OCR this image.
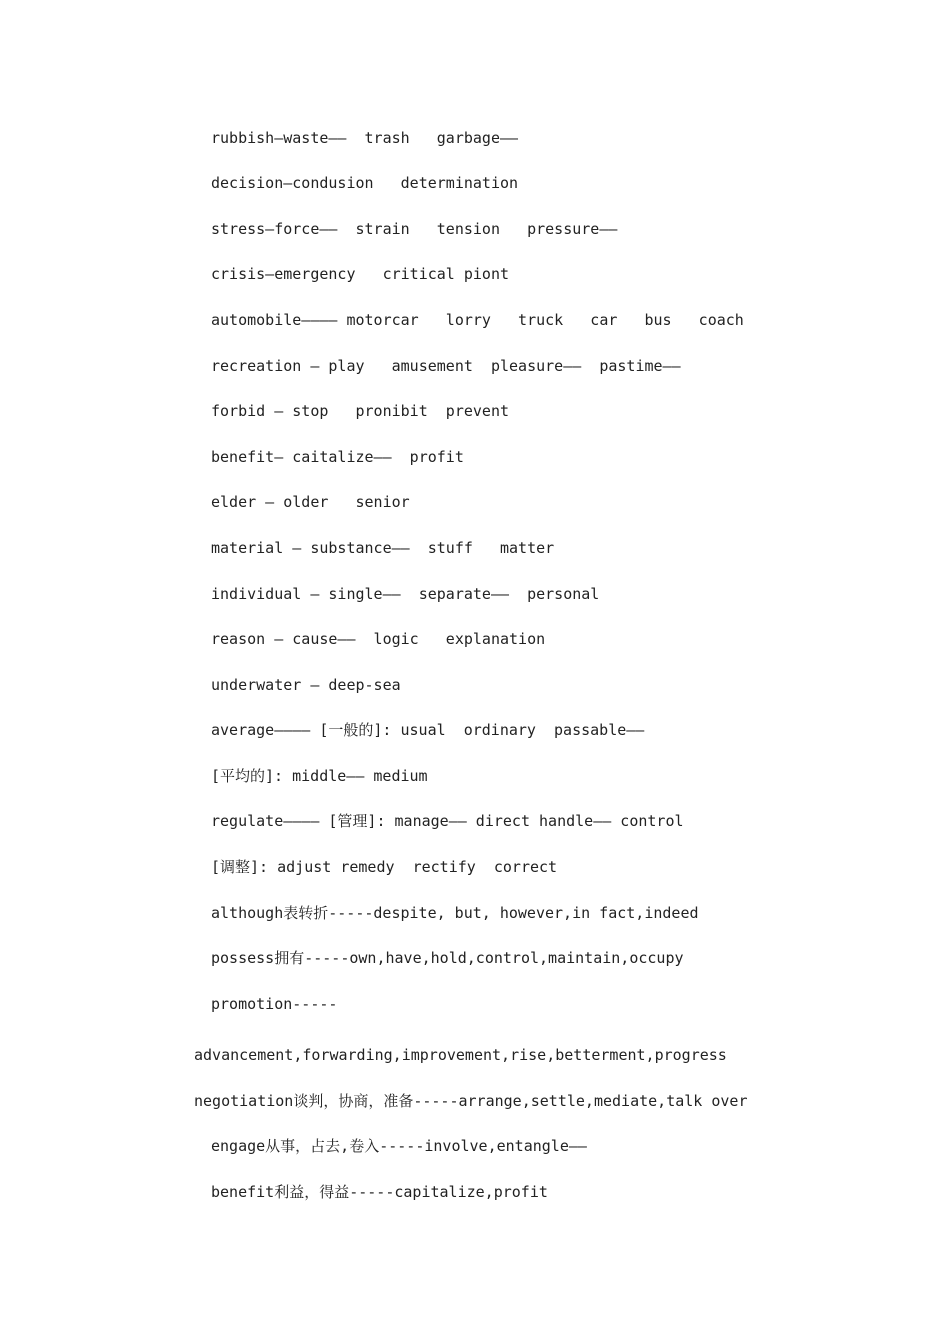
rubbish—waste——  trash   garbage——
decision—condusion   determination
stress—force——  strain   tension   pressure——
crisis—emergency   critical piont
automobile———— motorcar   lorry   truck   car   bus   coach
recreation — play   amusement  pleasure——  pastime——
forbid — stop   pronibit  prevent
benefit— caitalize——  profit
elder — older   senior
material — substance——  stuff   matter
individual — single——  separate——  personal
reason — cause——  logic   explanation
underwater — deep-sea
average———— [一般的]: usual  ordinary  passable——
[平均的]: middle—— medium
regulate———— [管理]: manage—— direct handle—— control
[调整]: adjust remedy  rectify  correct
although表转折-----despite, but, however,in fact,indeed
possess拥有-----own,have,hold,control,maintain,occupy
promotion-----
advancement,forwarding,improvement,rise,betterment,progress
negotiation谈判，协商，准备-----arrange,settle,mediate,talk over
engage从事，占去,卷入-----involve,entangle——
benefit利益，得益-----capitalize,profit
